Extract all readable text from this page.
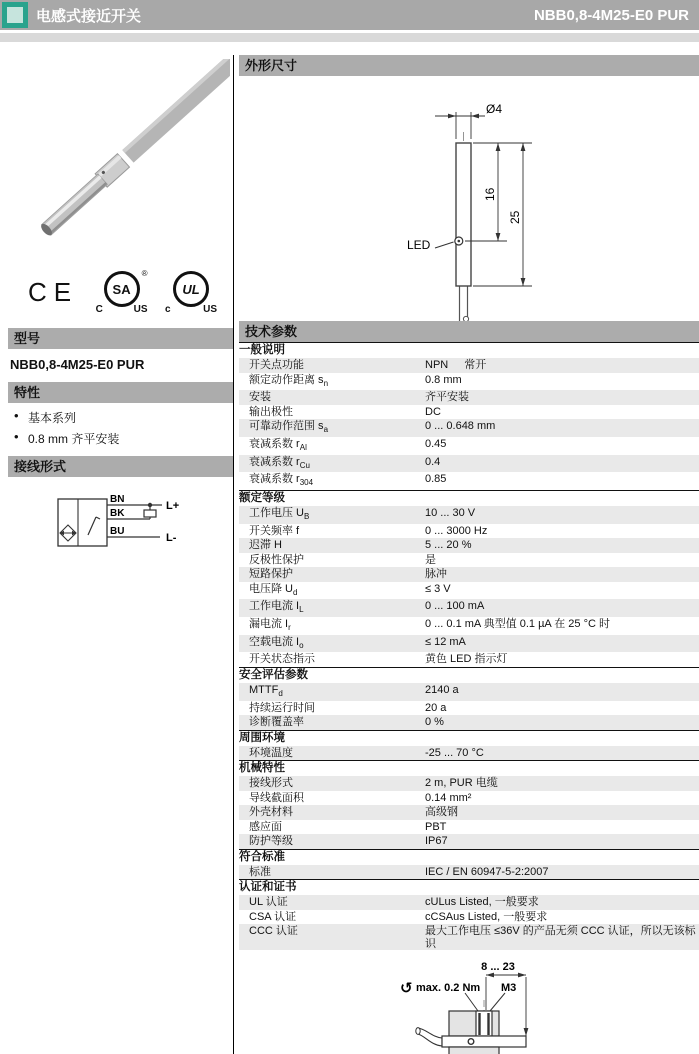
电感式接近开关	NBB0,8-4M25-E0 PUR
CE	SA
®
C	US
UL
c	US
型号
NBB0,8-4M25-E0 PUR
特性
• 基本系列
• 0.8 mm 齐平安装
接线形式
BN
BK
BU
L+
L-
外形尺寸
LED
Ø4
16
25
技术参数
一般说明
开关点功能	NPN 常开
额定动作距离 $s_n$	0.8 mm
安装	齐平安装
输出极性	DC
可靠动作范围 $s_a$	0 ... 0.648 mm
衰减系数 $r_{Al}$	0.45
衰减系数 $r_{Cu}$	0.4
衰减系数 $r_{304}$	0.85
额定等级
工作电压 $U_B$	10 ... 30 V
开关频率 f	0 ... 3000 Hz
迟滞 H	5 ... 20 %
反极性保护	是
短路保护	脉冲
电压降 $U_d$	≤ 3 V
工作电流 $I_L$	0 ... 100 mA
漏电流 $I_r$	0 ... 0.1 mA 典型值 0.1 µA 在 25 °C 时
空载电流 $I_o$	≤ 12 mA
开关状态指示	黄色 LED 指示灯
安全评估参数
$MTTF_d$	2140 a
持续运行时间	20 a
诊断覆盖率	0 %
周围环境
环境温度	-25 ... 70 °C
机械特性
接线形式	2 m, PUR 电缆
导线截面积	0.14 mm²
外壳材料	高级钢
感应面	PBT
防护等级	IP67
符合标准
标准	IEC / EN 60947-5-2:2007
认证和证书
UL 认证	cULus Listed, 一般要求
CSA 认证	cCSAus Listed, 一般要求
CCC 认证	最大工作电压 ≤36V 的产品无须 CCC 认证，所以无该标识
8 ... 23
↺ max. 0.2 Nm M3
